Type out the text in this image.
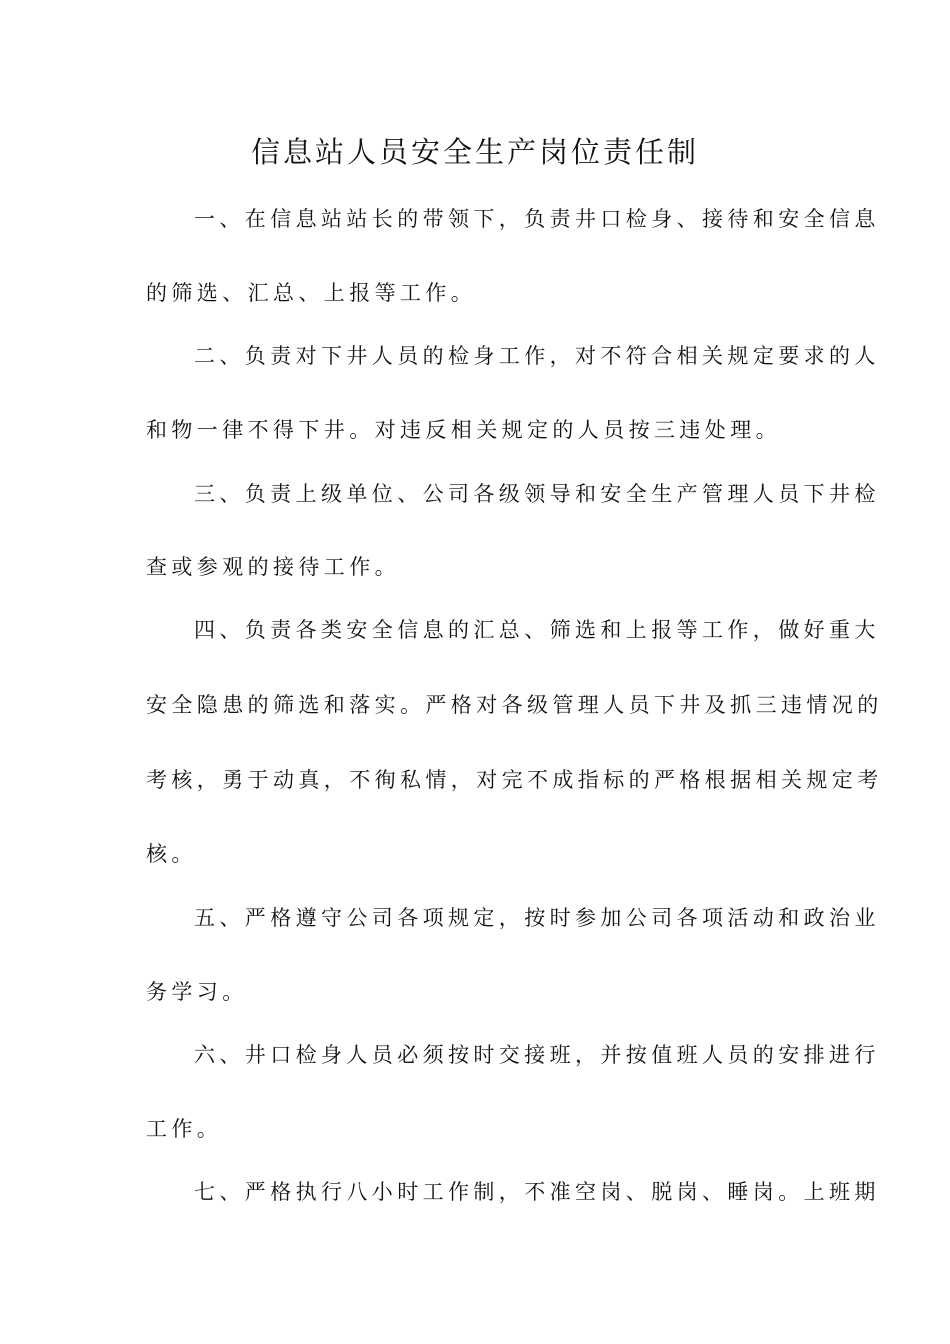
信息站人员安全生产岗位责任制

一、在信息站站长的带领下，负责井口检身、接待和安全信息

的筛选、汇总、上报等工作。

二、负责对下井人员的检身工作，对不符合相关规定要求的人

和物一律不得下井。对违反相关规定的人员按三违处理。

三、负责上级单位、公司各级领导和安全生产管理人员下井检

查或参观的接待工作。

四、负责各类安全信息的汇总、筛选和上报等工作，做好重大

安全隐患的筛选和落实。严格对各级管理人员下井及抓三违情况的

考核，勇于动真，不徇私情，对完不成指标的严格根据相关规定考

核。

五、严格遵守公司各项规定，按时参加公司各项活动和政治业

务学习。

六、井口检身人员必须按时交接班，并按值班人员的安排进行

工作。

七、严格执行八小时工作制，不准空岗、脱岗、睡岗。上班期
